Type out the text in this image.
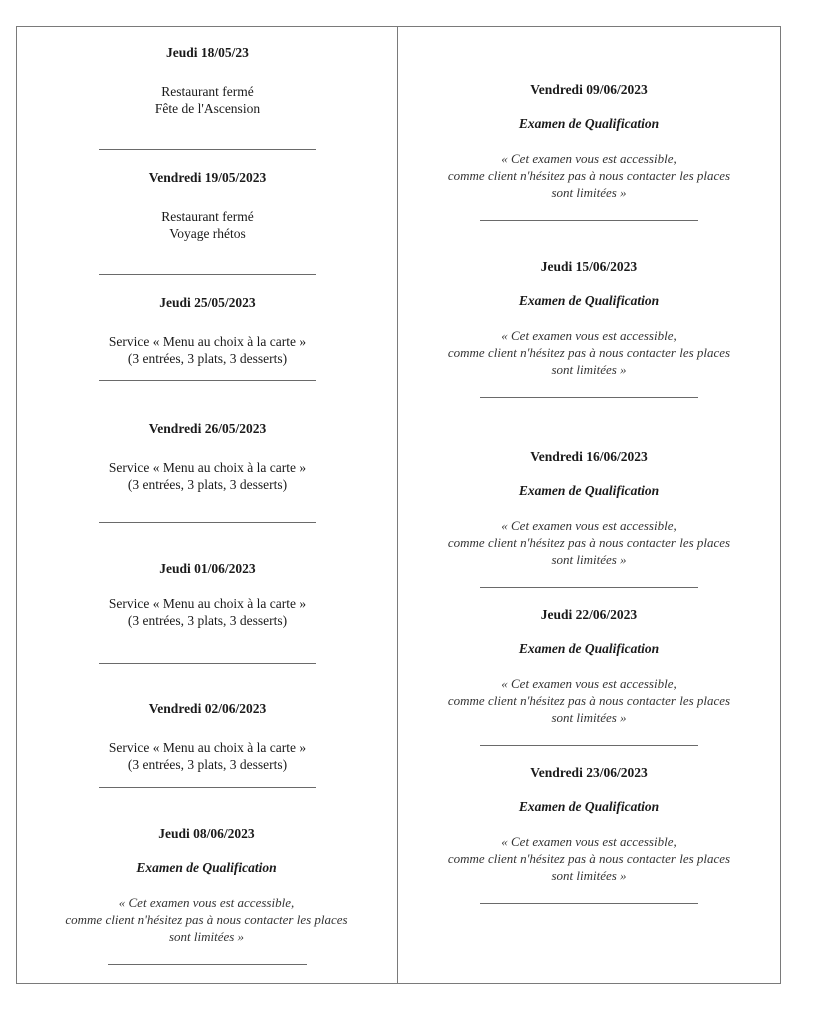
Jeudi 18/05/23
Restaurant fermé
Fête de l'Ascension
Vendredi 19/05/2023
Restaurant fermé
Voyage rhétos
Jeudi 25/05/2023
Service « Menu au choix à la carte »
(3 entrées, 3 plats, 3 desserts)
Vendredi 26/05/2023
Service « Menu au choix à la carte »
(3 entrées, 3 plats, 3 desserts)
Jeudi 01/06/2023
Service « Menu au choix à la carte »
(3 entrées, 3 plats, 3 desserts)
Vendredi 02/06/2023
Service « Menu au choix à la carte »
(3 entrées, 3 plats, 3 desserts)
Jeudi 08/06/2023
Examen de Qualification
« Cet examen vous est accessible,
comme client n'hésitez pas à nous contacter les places
sont limitées »
Vendredi 09/06/2023
Examen de Qualification
« Cet examen vous est accessible,
comme client n'hésitez pas à nous contacter les places
sont limitées »
Jeudi 15/06/2023
Examen de Qualification
« Cet examen vous est accessible,
comme client n'hésitez pas à nous contacter les places
sont limitées »
Vendredi 16/06/2023
Examen de Qualification
« Cet examen vous est accessible,
comme client n'hésitez pas à nous contacter les places
sont limitées »
Jeudi 22/06/2023
Examen de Qualification
« Cet examen vous est accessible,
comme client n'hésitez pas à nous contacter les places
sont limitées »
Vendredi 23/06/2023
Examen de Qualification
« Cet examen vous est accessible,
comme client n'hésitez pas à nous contacter les places
sont limitées »
